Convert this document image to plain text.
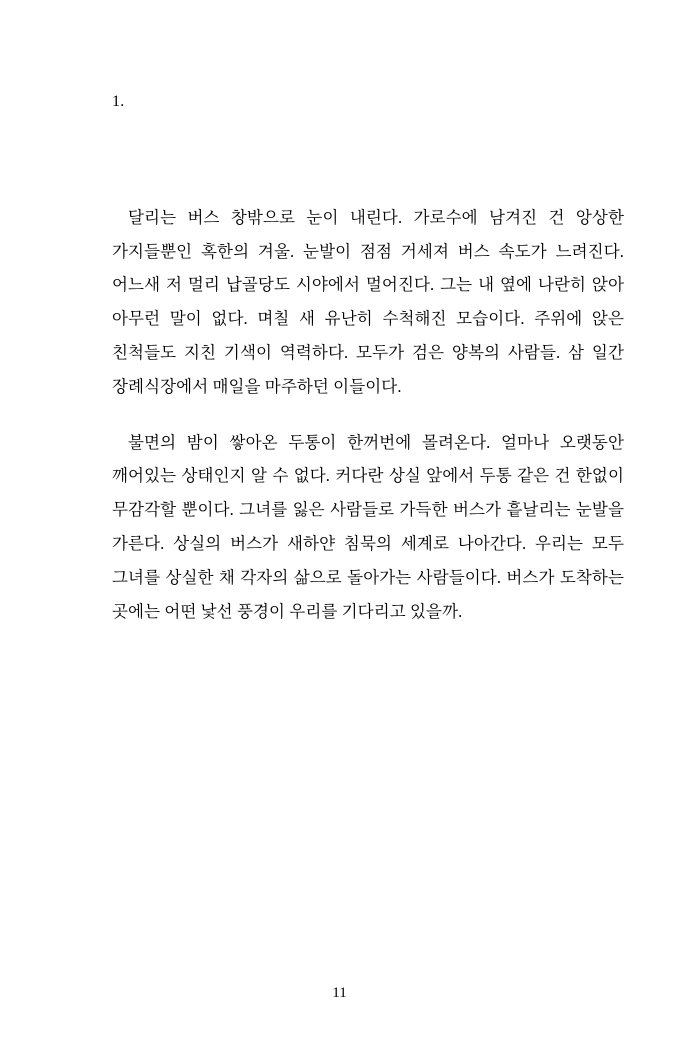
1.

달리는 버스 창밖으로 눈이 내린다. 가로수에 남겨진 건 앙상한 가지들뿐인 혹한의 겨울. 눈발이 점점 거세져 버스 속도가 느려진다. 어느새 저 멀리 납골당도 시야에서 멀어진다. 그는 내 옆에 나란히 앉아 아무런 말이 없다. 며칠 새 유난히 수척해진 모습이다. 주위에 앉은 친척들도 지친 기색이 역력하다. 모두가 검은 양복의 사람들. 삼 일간 장례식장에서 매일을 마주하던 이들이다.

불면의 밤이 쌓아온 두통이 한꺼번에 몰려온다. 얼마나 오랫동안 깨어있는 상태인지 알 수 없다. 커다란 상실 앞에서 두통 같은 건 한없이 무감각할 뿐이다. 그녀를 잃은 사람들로 가득한 버스가 흩날리는 눈발을 가른다. 상실의 버스가 새하얀 침묵의 세계로 나아간다. 우리는 모두 그녀를 상실한 채 각자의 삶으로 돌아가는 사람들이다. 버스가 도착하는 곳에는 어떤 낯선 풍경이 우리를 기다리고 있을까.

11
